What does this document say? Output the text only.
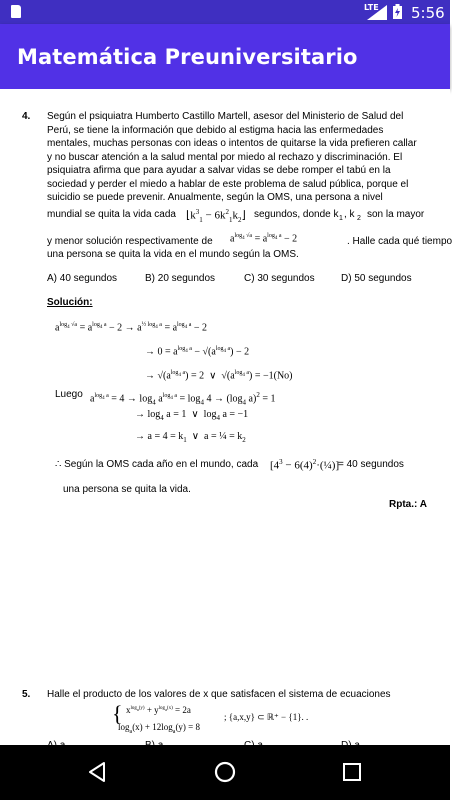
LTE 5:56
Matemática Preuniversitario
4. Según el psiquiatra Humberto Castillo Martell, asesor del Ministerio de Salud del
Perú, se tiene la información que debido al estigma hacia las enfermedades
mentales, muchas personas con ideas o intentos de quitarse la vida prefieren callar
y no buscar atención a la salud mental por miedo al rechazo y discriminación. El
psiquiatra afirma que para ayudar a salvar vidas se debe romper el tabú en la
sociedad y perder el miedo a hablar de este problema de salud pública, porque el
suicidio se puede prevenir. Anualmente, según la OMS, una persona a nivel
mundial se quita la vida cada $⌊k^3_1$ − $6k^2_1k_2⌋$ segundos, donde k 1 , k 2 son la mayor
y menor solución respectivamente de $a^{log_4 √a} = a^{log_4 a} - 2$	. Halle cada qué tiempo
una persona se quita la vida en el mundo según la OMS.
A) 40 segundos	B) 20 segundos	C) 30 segundos	D) 50 segundos
Solución:
$a^{log_4 √a} = a^{log_4 a} - 2 \to a^{\frac{1}{2} log_4 a} = a^{log_4 a} - 2$
→ $0 = a^{log_4 a} - √(a^{log_4 a}) - 2$
→ $√(a^{log_4 a}) = 2$  ∨  $√(a^{log_4 a}) = -1(No)$
Luego $a^{log_4 a} = 4 \to \log_4 a^{log_4 a} = \log_4 4 \to (\log_4$ a)$^2$ = 1
→ $\log_4 a = 1$  ∨  $\log_4 a = -1$
→ $a = 4 = k_1$  ∨  a = ¼ = $k_2$
∴ Según la OMS cada año en el mundo, cada [$4^3$ − $6(4)^2\cdot(\frac{1}{4})$]
= 40 segundos
una persona se quita la vida.
Rpta.: A
5. Halle el producto de los valores de x que satisfacen el sistema de ecuaciones
{ $x^{log_a(y)} + y^{log_a(x)} = 2a$
$\log_a(x) + 12\log_a(y) = 8$
; {a,x,y} ⊂ ℝ⁺ − {1}. .
